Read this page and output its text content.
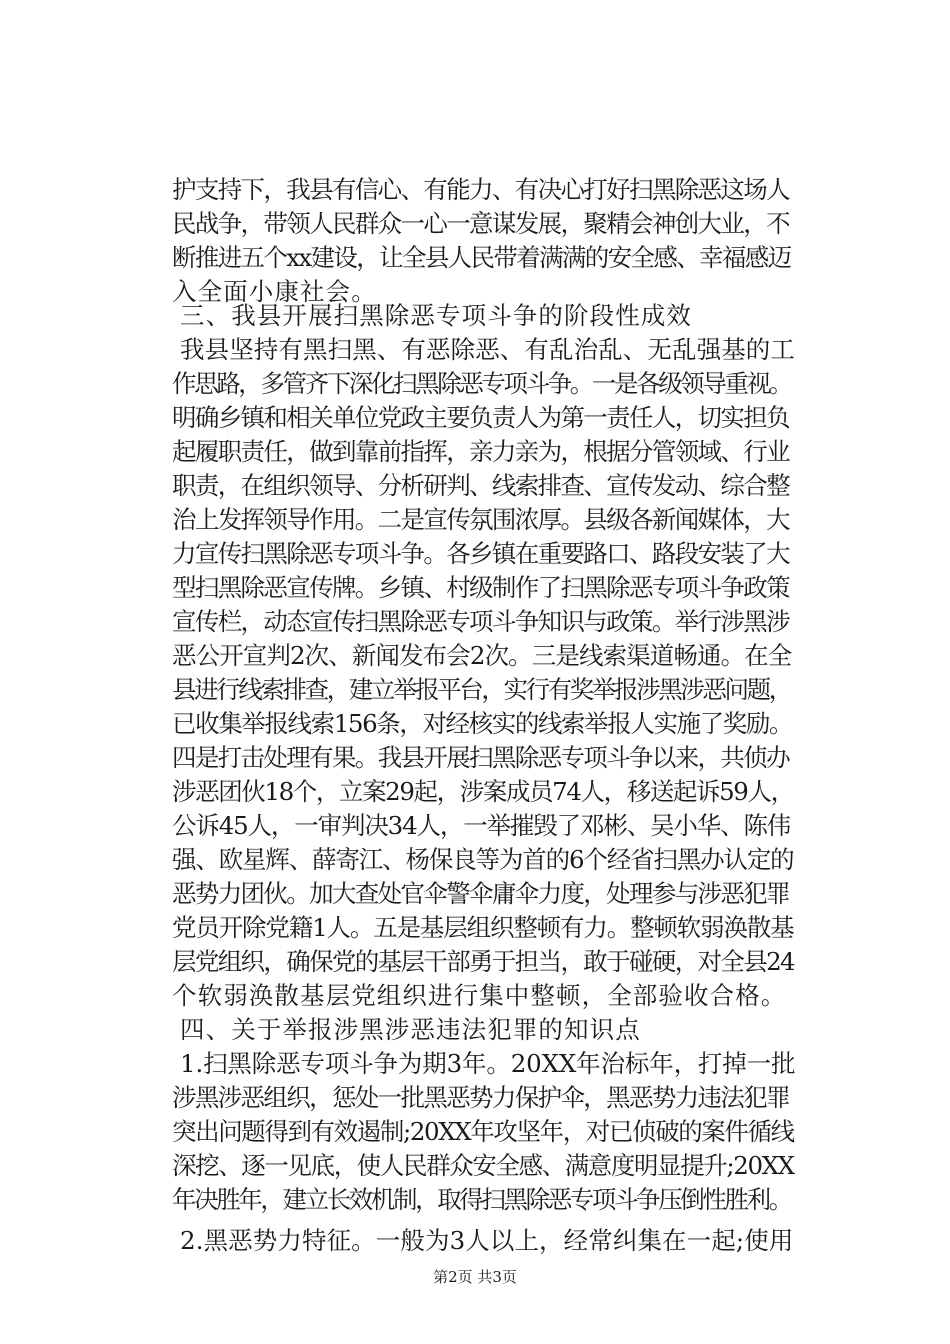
护支持下，我县有信心、有能力、有决心打好扫黑除恶这场人
民战争，带领人民群众一心一意谋发展，聚精会神创大业，不
断推进五个xx建设，让全县人民带着满满的安全感、幸福感迈
入全面小康社会。
三、我县开展扫黑除恶专项斗争的阶段性成效
我县坚持有黑扫黑、有恶除恶、有乱治乱、无乱强基的工
作思路，多管齐下深化扫黑除恶专项斗争。一是各级领导重视。
明确乡镇和相关单位党政主要负责人为第一责任人，切实担负
起履职责任，做到靠前指挥，亲力亲为，根据分管领域、行业
职责，在组织领导、分析研判、线索排查、宣传发动、综合整
治上发挥领导作用。二是宣传氛围浓厚。县级各新闻媒体，大
力宣传扫黑除恶专项斗争。各乡镇在重要路口、路段安装了大
型扫黑除恶宣传牌。乡镇、村级制作了扫黑除恶专项斗争政策
宣传栏，动态宣传扫黑除恶专项斗争知识与政策。举行涉黑涉
恶公开宣判2次、新闻发布会2次。三是线索渠道畅通。在全
县进行线索排查，建立举报平台，实行有奖举报涉黑涉恶问题，
已收集举报线索156条，对经核实的线索举报人实施了奖励。
四是打击处理有果。我县开展扫黑除恶专项斗争以来，共侦办
涉恶团伙18个，立案29起，涉案成员74人，移送起诉59人，
公诉45人，一审判决34人，一举摧毁了邓彬、吴小华、陈伟
强、欧星辉、薛寄江、杨保良等为首的6个经省扫黑办认定的
恶势力团伙。加大查处官伞警伞庸伞力度，处理参与涉恶犯罪
党员开除党籍1人。五是基层组织整顿有力。整顿软弱涣散基
层党组织，确保党的基层干部勇于担当，敢于碰硬，对全县24
个软弱涣散基层党组织进行集中整顿，全部验收合格。
四、关于举报涉黑涉恶违法犯罪的知识点
1.扫黑除恶专项斗争为期3年。20XX年治标年，打掉一批
涉黑涉恶组织，惩处一批黑恶势力保护伞，黑恶势力违法犯罪
突出问题得到有效遏制;20XX年攻坚年，对已侦破的案件循线
深挖、逐一见底，使人民群众安全感、满意度明显提升;20XX
年决胜年，建立长效机制，取得扫黑除恶专项斗争压倒性胜利。
2.黑恶势力特征。一般为3人以上，经常纠集在一起;使用
第2页 共3页
